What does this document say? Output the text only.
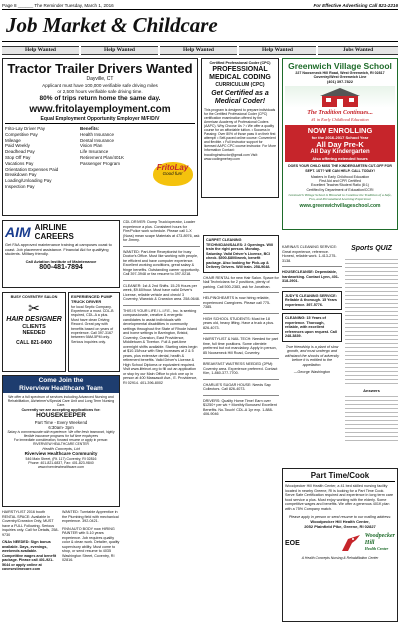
Page 8 ______ The Reminder Tuesday, March 1, 2016	For Effective Advertising Call 821-2216
Job Market & Childcare
Help Wanted	Help Wanted	Help Wanted	Help Wanted	Jobs Wanted
Tractor Trailer Drivers Wanted
Dayville, CT
Applicant must have 100,000 verifiable safe driving miles
or 2,500 hours verifiable safe driving time.
80% of trips return home the same day.
www.fritolayemployment.com
Equal Employment Opportunity Employer M/F/D/V
Frito-Lay Driver Pay
Competitive Pay
Mileage
Paid Weekly
Deadhead Pay
Stop Off Pay
Vacations Pay
Orientation Expenses Paid
Breakdown Pay
Loading/Unloading Pay
Inspection Pay
Benefits:
Health Insurance
Dental Insurance
Vision Plan
Life Insurance
Retirement Plan/401K
Passenger Program	FritoLay
Good fun!
Certified Professional Coder (CPC)
PROFESSIONAL
MEDICAL CODING
CURRICULUM (CPC)
Get Certified as a
Medical Coder!
This program is designed to prepare individuals for the Certified Professional Coder (CPC) certification examination offered by the American Academy of Professional Coders (AAPC). Why Choose Us ? • We offer a quality course for an affordable tuition. • Success in Passing: Over 80% of those pass it on their first attempt! • Self-paced online course: Convenient and flexible. • Full instructor support for licensed AAPC CPC course instructor. For More Information Contact: tncodinginstructor@gmail.com Visit: www.codingmehep.com
Greenwich Village School
227 Nooseneck Hill Road, West Greenwich, RI 02817
Coventry/West Greenwich Line
(401) 397-7822
The Tradition Continues...
#1 in Early Childhood Education
NOW ENROLLING
for the 2016-2017 School Year
All Day Pre-K
All Day Kindergarten
Also offering extended hours
DOES YOUR CHILD MISS THE KINDERGARTEN CUT-OFF FOR SEPT. 1ST? WE CAN HELP. CALL TODAY!
Masters in Early Childhood Education
First Aid and CPR Certified
Excellent Teacher/Student Ratio (8:1)
Certified by Department of Education/CCRI
Greenwich Village School is Honored to Continue the Tradition of a Safe, Fun, and Personalized Learning Experience
www.greenwichvillageschool.com
AIM AIRLINE
CAREERS
Get FAA approved maintenance training at campuses coast to coast. Job placement assistance. Financial Aid for qualifying students. Military friendly.
Call Aviation Institute of Maintenance
800-481-7894
BUSY COVENTRY SALON
✂
HAIR DESIGNER
CLIENTS
NEEDED
CALL 821-0400
EXPERIENCED PUMP TRUCK DRIVER
for local Septic Company. Experience a must. CDL-B required, CDL-A a plus. Must have clean Driving Record. Great pay with benefits based on years of experience. Call 397-3167 between 9AM-5PM only. Serious inquiries only.
Come Join the
Riverview Healthcare Team
We offer a full spectrum of services including Advanced Nursing and Rehabilitation, Alzheimer's/Special Care Unit and Long Term Nursing Care.
Currently we are accepting applications for:
HOUSEKEEPER
Part Time - Every Weekend
6:30am- 3pm
Salary is commensurate with experience. We offer fresh teamwork, highly flexible insurance programs for full time employees
For immediate consideration, forward resume or apply in person:
RIVERVIEW HEALTHCARE CENTER
Health Concepts, Ltd
Riverview Healthcare Community
546 Main Street, (Rt. 117) Coventry, RI 02816
Phone: 401-821-6837, Fax: 401-823-9840
www.riverviewhealthcare.com

HAIRSTYLIST 2016 booth RENTAL SPACE: Available in Coventry/Cranston Only, MUST have a FULL Following. Serious inquiries only. Call for Details, 258-9730

CNAs NEEDED: Sign bonus available. Days, evenings, weekends available. Competitive wages and benefit package. Please call 401-921-5644 or apply online at cavesestimecare.com

WANTED: Turntable Apprentice in the Plumbing field with mechanical experience. 392-0421.

FINN AUTO BODY now HIRING PAINTER with 5-10 years experience. Job requires quality color & clean work. Detailer, quality supervisory ability. Must come to shop, or send resume to 4035 Washington Street, Coventry, RI 02816.

CDL DRIVER: Dump Truck/operator, Loader experience a plus. Consistent hours for Fire/Police work schedule. Please call 1-X (Nuss) mean scape Materials at 473-8976, ask for Jimmy.

WANTED: Part-time Receptionist for busy Doctor's Office. Must like working with people, be efficient and have computer experience. Excellent working conditions, great salary & fringe benefits. Outstanding career opportunity. Call 397-3948 or fax resume to 397-0218.

CLEANER: 1st & 2nd Shifts. 15-25 Hours per week, $9.60/hour. Must have valid Driver's License, reliable vehicle and check! 3 Coventry, Warwick & Cranston area. 258-0648.

THIS IS YOUR LIFE.! L.I.F.E., Inc. is seeking compassionate, creative & energetic candidates to assist individuals with developmental disabilities in community settings throughout the State of Rhode Island and home settings in Barrington, Bristol, Coventry, Cranston, East Providence, Middletown & Tiverton. Full & part-time overnight shifts available. Starting rates begin at $10.15/hour with Step Increases at 2 & 5 years, plus extensive dental, health & retirement benefits. Valid Driver's License & High School Diploma or equivalent required. Visit www.lifeincri.org to fill out an application or stop by our Main Office to pick one up in person at 400 Massasoit Ave., E. Providence, RI 02914. 401-396-8002

CARPET CLEANING TECHNICIAN/SALES: 2 Openings. Will train the right person. Monday-Saturday. Valid Driver's License, BCI check. $500-$800/week, benefit package. Also looking for Pick-up & Delivery Drivers. Will train. 258-9648.

CHAIR RENTAL for new Hair Salon. Space for Nail Technicians for 2 positions, plenty of parking. Call 500-2383, ask for Jonathan.

HELPINGHEARTS is now hiring reliable, experienced Caregivers. Please call 775-7385.

HIGH SCHOOL STUDENTS: Must be 18 years old, heavy lifting. Have a truck a plus. 826-4073.

HAIRSTYLIST & NAIL TECH: Needed for part time, full time positions. Some clientele preferred but not mandatory. Apply in person, 85 Nooseneck Hill Road, Coventry.

BREAKFAST WAITRESS NEEDED (2PM): Coventry area. Experience preferred. Contact Kim, 1-860-377-7700.

CHARLIE'S SUGAR HOUSE: Needs Sap Collectors. Call 826-4073.

DRIVERS: Quality Home Time! Earn over $1250+ per wk + Monthly Bonuses! Excellent Benefits. No-Touch! CDL-A 1yr exp. 1-888-406-9046

KARINA'S CLEANING SERVICE: Great experience, reference. Honest, reliable work. 1-413-275-3138.

HOUSECLEANSE: Dependable, hardworking. Contact Lynn, 401-318-2901.

JUDY'S CLEANING SERVICE: Reliable & thorough. 15 Years experience. 397-5776.

CLEANING: 15 Years of experience. Thorough, reliable, with excellent references upon request. Call 248-3839.

True friendship is a plant of slow growth, and must undergo and withstand the shocks of adversity before it is entitled to the appellation.

—George Washington

Sports QUIZ
Answers
Part Time/Cook
Woodpecker Hill Health Center, a 41 bed skilled nursing facility located in nearby Greene, RI is looking for a Part Time Cook. Serve Safe Certification required and experience in long term care food service a plus. Must enjoy working with the elderly. Some competitive wages and benefits. We offer a generous 401K plan with a 75% Company match.
Please apply in person or send resume to our mailing address:
Woodpecker Hill Health Center,
2052 Plainfield Pike, Greene, RI 02827
EOE
Woodpecker
Hill
Health Center
A Health Concepts Nursing & Rehabilitation Center
